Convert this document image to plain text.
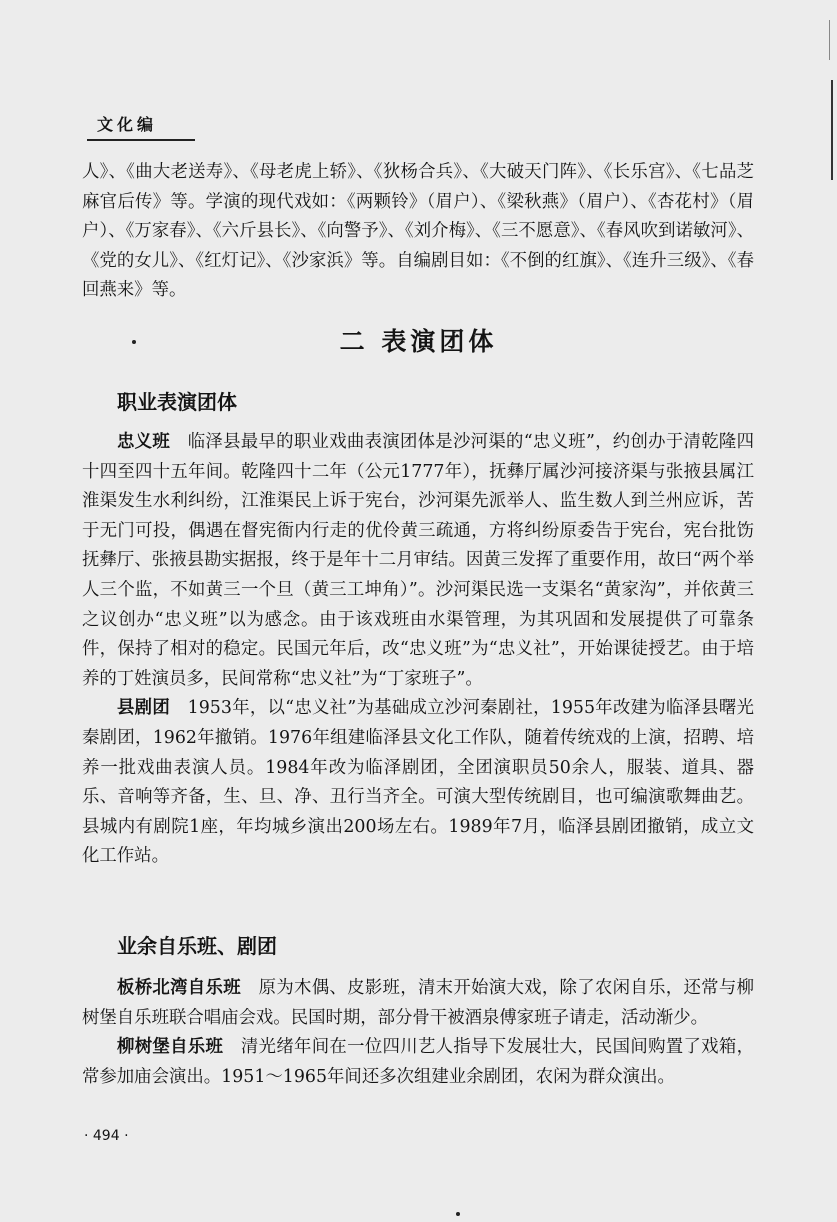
文化编

人》、《曲大老送寿》、《母老虎上轿》、《狄杨合兵》、《大破天门阵》、《长乐宫》、《七品芝麻官后传》等。学演的现代戏如：《两颗铃》（眉户）、《梁秋燕》（眉户）、《杏花村》（眉户）、《万家春》、《六斤县长》、《向警予》、《刘介梅》、《三不愿意》、《春风吹到诺敏河》、《党的女儿》、《红灯记》、《沙家浜》等。自编剧目如：《不倒的红旗》、《连升三级》、《春回燕来》等。

二 表演团体
职业表演团体

忠义班　 临泽县最早的职业戏曲表演团体是沙河渠的“忠义班”，约创办于清乾隆四十四至四十五年间。乾隆四十二年（公元1777年），抚彝厅属沙河接济渠与张掖县属江淮渠发生水利纠纷，江淮渠民上诉于宪台，沙河渠先派举人、监生数人到兰州应诉，苦于无门可投，偶遇在督宪衙内行走的优伶黄三疏通，方将纠纷原委告于宪台，宪台批饬抚彝厅、张掖县勘实据报，终于是年十二月审结。因黄三发挥了重要作用，故曰“两个举人三个监，不如黄三一个旦（黄三工坤角）”。沙河渠民选一支渠名“黄家沟”，并依黄三之议创办“忠义班”以为感念。由于该戏班由水渠管理，为其巩固和发展提供了可靠条件，保持了相对的稳定。民国元年后，改“忠义班”为“忠义社”，开始课徒授艺。由于培养的丁姓演员多，民间常称“忠义社”为“丁家班子”。

县剧团　 1953年，以“忠义社”为基础成立沙河秦剧社，1955年改建为临泽县曙光秦剧团，1962年撤销。1976年组建临泽县文化工作队，随着传统戏的上演，招聘、培养一批戏曲表演人员。1984年改为临泽剧团，全团演职员50余人，服装、道具、器乐、音响等齐备，生、旦、净、丑行当齐全。可演大型传统剧目，也可编演歌舞曲艺。县城内有剧院1座，年均城乡演出200场左右。1989年7月，临泽县剧团撤销，成立文化工作站。

业余自乐班、剧团

板桥北湾自乐班　 原为木偶、皮影班，清末开始演大戏，除了农闲自乐，还常与柳树堡自乐班联合唱庙会戏。民国时期，部分骨干被酒泉傅家班子请走，活动渐少。

柳树堡自乐班　 清光绪年间在一位四川艺人指导下发展壮大，民国间购置了戏箱，常参加庙会演出。1951～1965年间还多次组建业余剧团，农闲为群众演出。

· 494 ·
